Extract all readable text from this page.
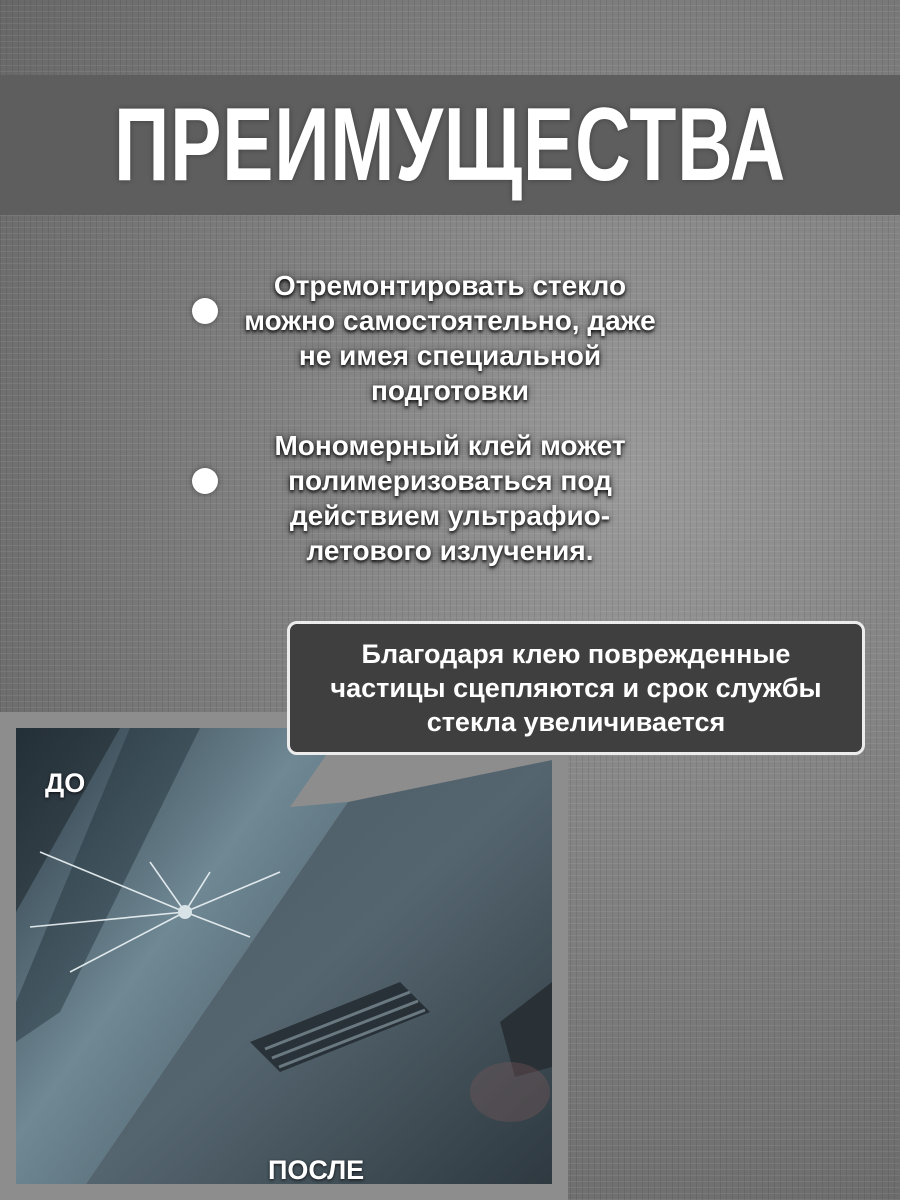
ПРЕИМУЩЕСТВА
Отремонтировать стекло можно самостоятельно, даже не имея специальной подготовки
Мономерный клей может полимеризоваться под действием ультрафио-летового излучения.
ДО
ПОСЛЕ
Благодаря клею поврежденные частицы сцепляются и срок службы стекла увеличивается
